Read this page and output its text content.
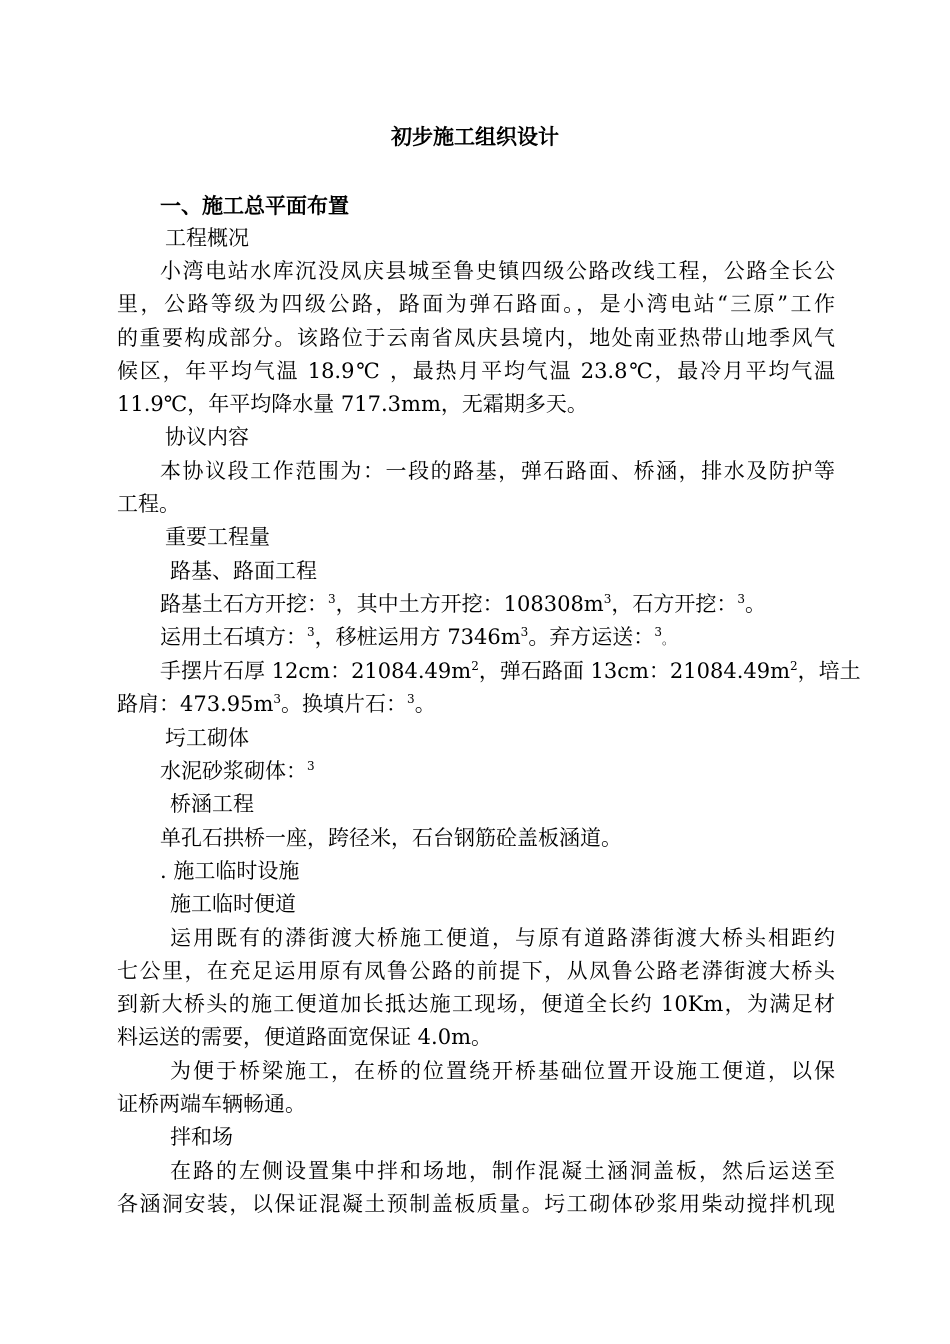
初步施工组织设计
一、施工总平面布置
工程概况
小湾电站水库沉没凤庆县城至鲁史镇四级公路改线工程，公路全长公
里，公路等级为四级公路，路面为弹石路面。，是小湾电站“三原”工作
的重要构成部分。该路位于云南省凤庆县境内，地处南亚热带山地季风气
候区，年平均气温 18.9℃ ，最热月平均气温 23.8℃，最冷月平均气温
11.9℃，年平均降水量 717.3mm，无霜期多天。
协议内容
本协议段工作范围为：一段的路基，弹石路面、桥涵，排水及防护等
工程。
重要工程量
路基、路面工程
路基土石方开挖：$^3$，其中土方开挖：$108308m^3$，石方开挖：$^3$。
运用土石填方：$^3$，移桩运用方 $7346m^3$。弃方运送：$^3$。
手摆片石厚 12cm：$21084.49m^2$，弹石路面 13cm：$21084.49m^2$，培土
路肩：$473.95m^3$。换填片石：$^3$。
圬工砌体
水泥砂浆砌体：$^3$
桥涵工程
单孔石拱桥一座，跨径米，石台钢筋砼盖板涵道。
. 施工临时设施
施工临时便道
运用既有的漭街渡大桥施工便道，与原有道路漭街渡大桥头相距约
七公里，在充足运用原有凤鲁公路的前提下，从凤鲁公路老漭街渡大桥头
到新大桥头的施工便道加长抵达施工现场，便道全长约 10Km，为满足材
料运送的需要，便道路面宽保证 4.0m。
为便于桥梁施工，在桥的位置绕开桥基础位置开设施工便道，以保
证桥两端车辆畅通。
拌和场
在路的左侧设置集中拌和场地，制作混凝土涵洞盖板，然后运送至
各涵洞安装，以保证混凝土预制盖板质量。圬工砌体砂浆用柴动搅拌机现
